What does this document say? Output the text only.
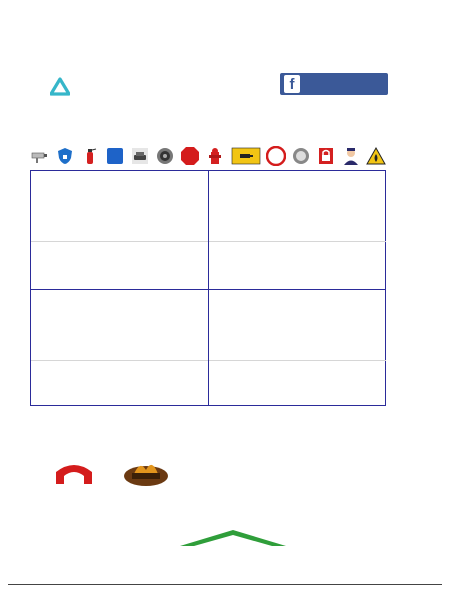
f
